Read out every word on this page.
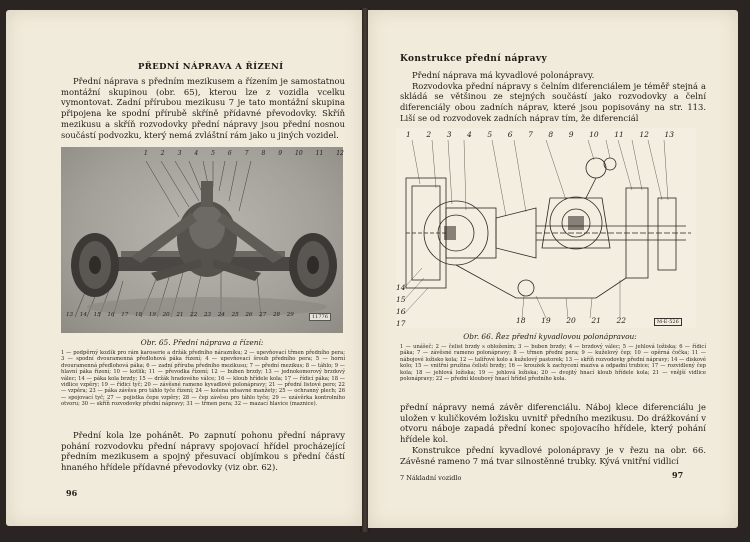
PŘEDNÍ NÁPRAVA A ŘÍZENÍ

Přední náprava s předním mezikusem a řízením je samostatnou montážní skupinou (obr. 65), kterou lze z vozidla vcelku vymontovat. Zadní přírubou mezikusu 7 je tato montážní skupina připojena ke spodní přírubě skříně přídavné převodovky. Skříň mezikusu a skříň rozvodovky přední nápravy jsou přední nosnou součástí podvozku, který nemá zvláštní rám jako u jiných vozidel.

11776
Obr. 65. Přední náprava a řízení:
1 — podpěrný kozlík pro rám karoserie a držák předního nárazníku; 2 — upevňovací třmen předního pera; 3 — spodní dvouramenná předlohová páka řízení; 4 — upevňovací šroub předního pera; 5 — horní dvouramenná předlohová páka; 6 — zadní příruba předního mezikusu; 7 — přední mezikus; 8 — táhlo; 9 — hlavní páka řízení; 10 — kotlík; 11 — převodka řízení; 12 — buben brzdy; 13 — jednokomorový brzdový válec; 14 — páka kola brzdy; 15 — držák hradového válce; 16 — kloub hřídele kola; 17 — řídicí páka; 18 — vidlice vzpěry; 19 — řídicí tyč; 20 — závěsné rameno kyvadlové polonápravy; 21 — přední listové pero; 22 — vzpěra; 23 — páka závěsu pro táhlo tyče řízení; 24 — kolena odsavné manžety; 25 — ochranný plech; 26 — spojovací tyč; 27 — pojistka čepu vzpěry; 28 — čep závěsu pro táhlo tyče; 29 — uzávěrka kontrolního otvoru; 30 — skříň rozvodovky přední nápravy; 31 — třmen pera; 32 — mazací hlavice (maznice).

Přední kola lze pohánět. Po zapnutí pohonu přední nápravy pohání rozvodovku přední nápravy spojovací hřídel procházející předním mezikusem a spojný přesuvací objímkou s přední částí hnaného hřídele přídavné převodovky (viz obr. 62).

96
Konstrukce přední nápravy

Přední náprava má kyvadlové polonápravy.

Rozvodovka přední nápravy s čelním diferenciálem je téměř stejná a skládá se většinou ze stejných součástí jako rozvodovky a čelní diferenciály obou zadních náprav, které jsou popisovány na str. 113. Liší se od rozvodovek zadních náprav tím, že diferenciál

1 2 3 4 5 6 7 8 9 10 11 12 13
14
15
16
17	18 19 20 21 22	M-E-526
Obr. 66. Řez přední kyvadlovou polonápravou:
1 — unášeč; 2 — čelist brzdy s obložením; 3 — buben brzdy; 4 — brzdový válec; 5 — jehlová ložiska; 6 — řídicí páka; 7 — závěsné rameno polonápravy; 8 — třmen přední pera; 9 — kuželový čep; 10 — opěrná čočka; 11 — nábojové ložisko kola; 12 — talířové kolo a kuželový pastorek; 13 — skříň rozvodovky přední nápravy; 14 — diskové kolo; 15 — vnitřní pružina čelistí brzdy; 16 — kroužek k zachycení mazíva a odpadní trubice; 17 — rozvidlený čep kola; 18 — jehlová ložiska; 19 — jehlová ložiska; 20 — dvojitý hnací kloub hřídele kola; 21 — vnější vidlice polonápravy; 22 — přední kloubový hnací hřídel předního kola.

přední nápravy nemá závěr diferenciálu. Náboj klece diferenciálu je uložen v kuličkovém ložisku uvnitř předního mezikusu. Do drážkování v otvoru náboje zapadá přední konec spojovacího hřídele, který pohání hřídele kol.

Konstrukce přední kyvadlové polonápravy je v řezu na obr. 66. Závěsné rameno 7 má tvar silnostěnné trubky. Kývá vnitřní vidlicí

7 Nákladní vozidlo	97
1 2 3 4 5 6 7 8 9 10 11 12
13 14 15 16 17 18 19 20 21 22 23 24 25 26 27 28 29
